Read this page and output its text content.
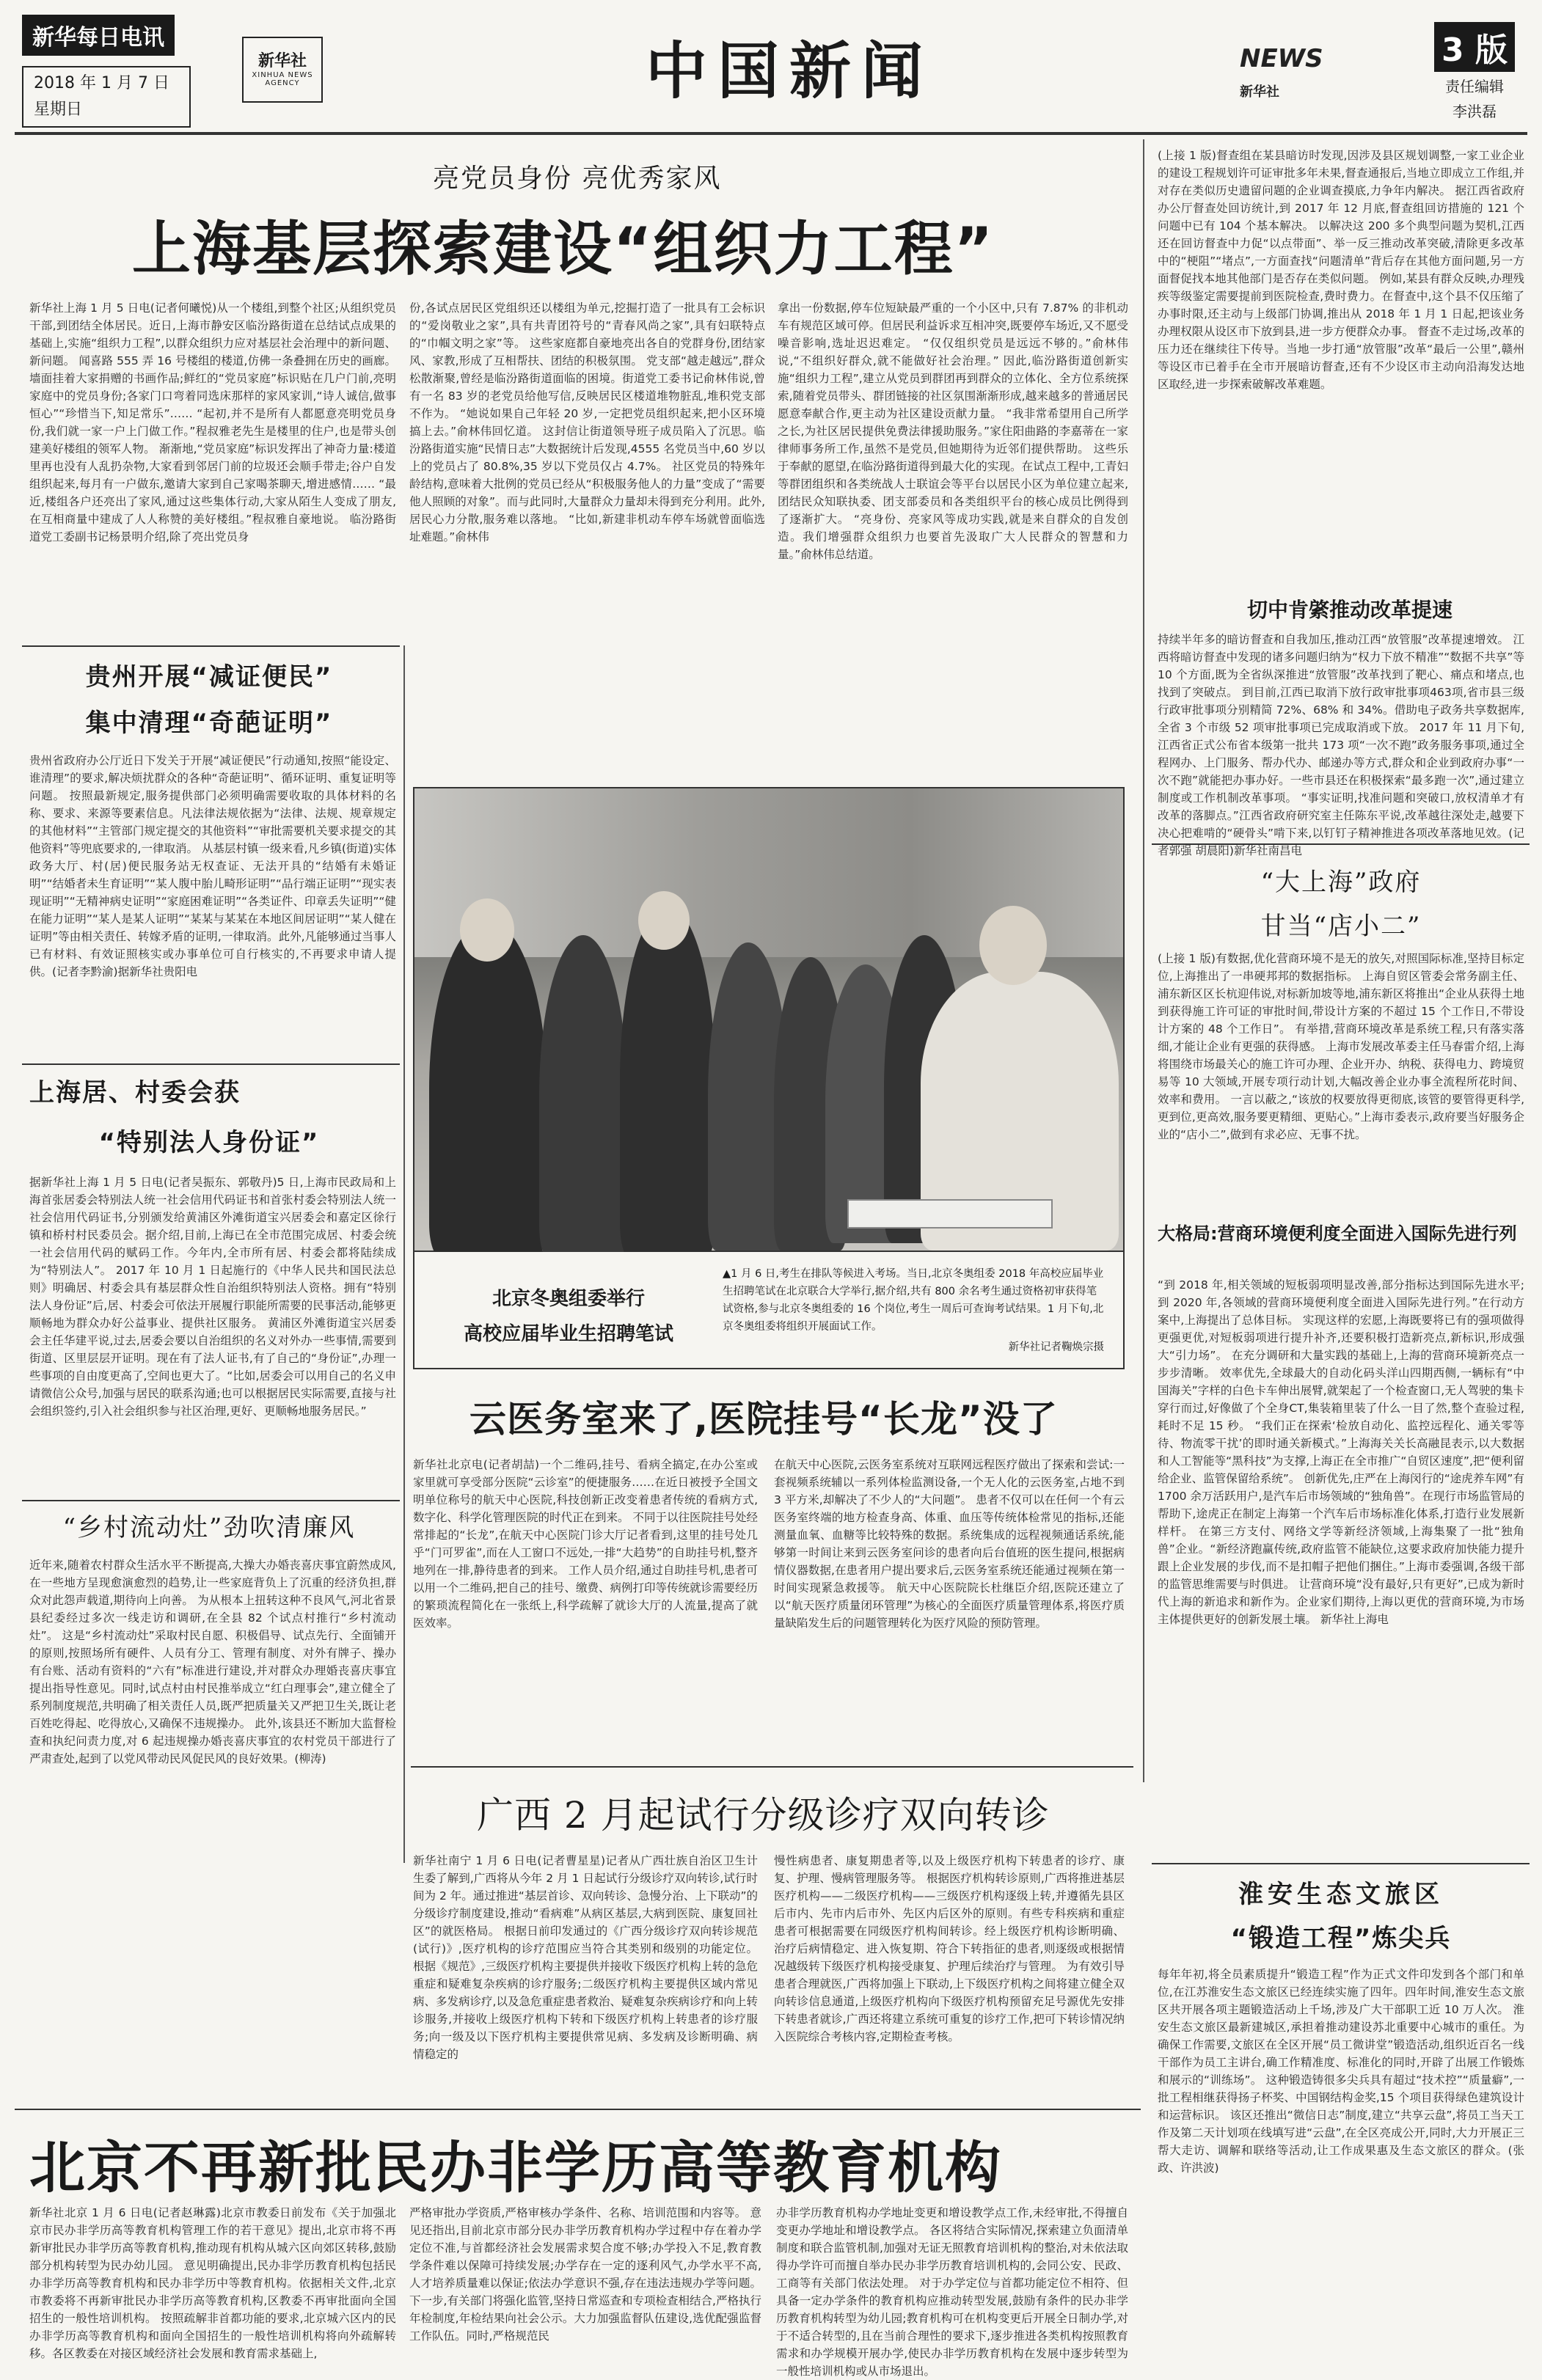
新华每日电讯
2018 年 1 月 7 日
星期日
新华社
XINHUA NEWS AGENCY	中国新闻	NEWS 新华社
3 版
责任编辑
李洪磊
亮党员身份 亮优秀家风
上海基层探索建设“组织力工程”
新华社上海 1 月 5 日电(记者何曦悦)从一个楼组,到整个社区;从组织党员干部,到团结全体居民。近日,上海市静安区临汾路街道在总结试点成果的基础上,实施“组织力工程”,以群众组织力应对基层社会治理中的新问题、新问题。 闻喜路 555 弄 16 号楼组的楼道,仿佛一条叠拥在历史的画廊。墙面挂着大家捐赠的书画作品;鲜红的“党员家庭”标识贴在几户门前,亮明家庭中的党员身份;各家门口弯着同选床那样的家风家训,“诗人诚信,做事恒心”“珍惜当下,知足常乐”…… “起初,并不是所有人都愿意亮明党员身份,我们就一家一户上门做工作。”程叔雅老先生是楼里的住户,也是带头创建美好楼组的领军人物。 渐渐地,“党员家庭”标识发挥出了神奇力量:楼道里再也没有人乱扔杂物,大家看到邻居门前的垃圾还会顺手带走;谷户自发组织起来,每月有一户做东,邀请大家到自己家喝茶聊天,增进感情…… “最近,楼组各户还亮出了家风,通过这些集体行动,大家从陌生人变成了朋友,在互相商量中建成了人人称赞的美好楼组。”程叔雅自豪地说。 临汾路街道党工委副书记杨景明介绍,除了亮出党员身
份,各试点居民区党组织还以楼组为单元,挖掘打造了一批具有工会标识的“爱岗敬业之家”,具有共青团符号的“青春风尚之家”,具有妇联特点的“巾帼文明之家”等。 这些家庭都自豪地亮出各自的党群身份,团结家风、家教,形成了互相帮扶、团结的积极氛围。 党支部“越走越远”,群众松散渐聚,曾经是临汾路街道面临的困境。街道党工委书记俞林伟说,曾有一名 83 岁的老党员给他写信,反映居民区楼道堆物脏乱,堆积党支部不作为。 “她说如果自己年轻 20 岁,一定把党员组织起来,把小区环境搞上去。”俞林伟回忆道。 这封信让街道领导班子成员陷入了沉思。临汾路街道实施“民情日志”大数据统计后发现,4555 名党员当中,60 岁以上的党员占了 80.8%,35 岁以下党员仅占 4.7%。 社区党员的特殊年龄结构,意味着大批例的党员已经从“积极服务他人的力量”变成了“需要他人照顾的对象”。而与此同时,大量群众力量却未得到充分利用。此外,居民心力分散,服务难以落地。 “比如,新建非机动车停车场就曾面临选址难题。”俞林伟
拿出一份数据,停车位短缺最严重的一个小区中,只有 7.87% 的非机动车有规范区域可停。但居民利益诉求互相冲突,既要停车场近,又不愿受噪音影响,选址迟迟难定。 “仅仅组织党员是远远不够的。”俞林伟说,“不组织好群众,就不能做好社会治理。” 因此,临汾路街道创新实施“组织力工程”,建立从党员到群团再到群众的立体化、全方位系统探索,随着党员带头、群团链接的社区氛围渐渐形成,越来越多的普通居民愿意奉献合作,更主动为社区建设贡献力量。 “我非常希望用自己所学之长,为社区居民提供免费法律援助服务。”家住阳曲路的李嘉蒂在一家律师事务所工作,虽然不是党员,但她期待为近邻们提供帮助。 这些乐于奉献的愿望,在临汾路街道得到最大化的实现。在试点工程中,工青妇等群团组织和各类统战人士联谊会等平台以居民小区为单位建立起来,团结民众知联执委、团支部委员和各类组织平台的核心成员比例得到了逐渐扩大。 “亮身份、亮家风等成功实践,就是来自群众的自发创造。我们增强群众组织力也要首先汲取广大人民群众的智慧和力量。”俞林伟总结道。
贵州开展“减证便民”
集中清理“奇葩证明”
贵州省政府办公厅近日下发关于开展“减证便民”行动通知,按照“能设定、谁清理”的要求,解决烦扰群众的各种“奇葩证明”、循环证明、重复证明等问题。 按照最新规定,服务提供部门必须明确需要收取的具体材料的名称、要求、来源等要素信息。凡法律法规依据为“法律、法规、规章规定的其他材料”“主管部门规定提交的其他资料”“审批需要机关要求提交的其他资料”等兜底要求的,一律取消。 从基层村镇一级来看,凡乡镇(街道)实体政务大厅、村(居)便民服务站无权查证、无法开具的“结婚有未婚证明”“结婚者未生育证明”“某人腹中胎儿畸形证明”“品行端正证明”“现实表现证明”“无精神病史证明”“家庭困难证明”“各类证件、印章丢失证明”“健在能力证明”“某人是某人证明”“某某与某某在本地区间居证明”“某人健在证明”等由相关责任、转嫁矛盾的证明,一律取消。此外,凡能够通过当事人已有材料、有效证照核实或办事单位可自行核实的,不再要求申请人提供。(记者李黔渝)据新华社贵阳电
上海居、村委会获
“特别法人身份证”
据新华社上海 1 月 5 日电(记者吴振东、郭敬丹)5 日,上海市民政局和上海首张居委会特别法人统一社会信用代码证书和首张村委会特别法人统一社会信用代码证书,分别颁发给黄浦区外滩街道宝兴居委会和嘉定区徐行镇和桥村村民委员会。据介绍,目前,上海已在全市范围完成居、村委会统一社会信用代码的赋码工作。今年内,全市所有居、村委会都将陆续成为“特别法人”。 2017 年 10 月 1 日起施行的《中华人民共和国民法总则》明确居、村委会具有基层群众性自治组织特别法人资格。拥有“特别法人身份证”后,居、村委会可依法开展履行职能所需要的民事活动,能够更顺畅地为群众办好公益事业、提供社区服务。 黄浦区外滩街道宝兴居委会主任华建平说,过去,居委会要以自治组织的名义对外办一些事情,需要到街道、区里层层开证明。现在有了法人证书,有了自己的“身份证”,办理一些事项的自由度更高了,空间也更大了。“比如,居委会可以用自己的名义申请微信公众号,加强与居民的联系沟通;也可以根据居民实际需要,直接与社会组织签约,引入社会组织参与社区治理,更好、更顺畅地服务居民。”
“乡村流动灶”劲吹清廉风
近年来,随着农村群众生活水平不断提高,大操大办婚丧喜庆事宜蔚然成风,在一些地方呈现愈演愈烈的趋势,让一些家庭背负上了沉重的经济负担,群众对此怨声载道,期待向上向善。 为从根本上扭转这种不良风气,河北省景县纪委经过多次一线走访和调研,在全县 82 个试点村推行“乡村流动灶”。 这是“乡村流动灶”采取村民自愿、积极倡导、试点先行、全面铺开的原则,按照场所有硬件、人员有分工、管理有制度、对外有牌子、操办有台账、活动有资料的“六有”标准进行建设,并对群众办理婚丧喜庆事宜提出指导性意见。同时,试点村由村民推举成立“红白理事会”,建立健全了系列制度规范,共明确了相关责任人员,既严把质量关又严把卫生关,既让老百姓吃得起、吃得放心,又确保不违规操办。 此外,该县还不断加大监督检查和执纪问责力度,对 6 起违规操办婚丧喜庆事宜的农村党员干部进行了严肃查处,起到了以党风带动民风促民风的良好效果。(柳涛)
北京冬奥组委举行
高校应届毕业生招聘笔试
▲1 月 6 日,考生在排队等候进入考场。当日,北京冬奥组委 2018 年高校应届毕业生招聘笔试在北京联合大学举行,据介绍,共有 800 余名考生通过资格初审获得笔试资格,参与北京冬奥组委的 16 个岗位,考生一周后可查询考试结果。1 月下旬,北京冬奥组委将组织开展面试工作。
新华社记者鞠焕宗摄
云医务室来了,医院挂号“长龙”没了
新华社北京电(记者胡喆)一个二维码,挂号、看病全搞定,在办公室或家里就可享受部分医院“云诊室”的便捷服务……在近日被授予全国文明单位称号的航天中心医院,科技创新正改变着患者传统的看病方式,数字化、科学化管理医院的时代正在到来。 不同于以往医院挂号处经常排起的“长龙”,在航天中心医院门诊大厅记者看到,这里的挂号处几乎“门可罗雀”,而在人工窗口不远处,一排“大趋势”的自助挂号机,整齐地列在一排,静待患者的到来。 工作人员介绍,通过自助挂号机,患者可以用一个二维码,把自己的挂号、缴费、病例打印等传统就诊需要经历的繁琐流程简化在一张纸上,科学疏解了就诊大厅的人流量,提高了就医效率。
在航天中心医院,云医务室系统对互联网远程医疗做出了探索和尝试:一套视频系统辅以一系列体检监测设备,一个无人化的云医务室,占地不到 3 平方米,却解决了不少人的“大问题”。 患者不仅可以在任何一个有云医务室终端的地方检查身高、体重、血压等传统体检常见的指标,还能测量血氧、血糖等比较特殊的数据。系统集成的远程视频通话系统,能够第一时间让来到云医务室问诊的患者向后台值班的医生提问,根据病情仪器数据,在患者用户提出要求后,云医务室系统还能通过视频在第一时间实现紧急救援等。 航天中心医院院长杜继臣介绍,医院还建立了以“航天医疗质量闭环管理”为核心的全面医疗质量管理体系,将医疗质量缺陷发生后的问题管理转化为医疗风险的预防管理。
广西 2 月起试行分级诊疗双向转诊
新华社南宁 1 月 6 日电(记者曹星星)记者从广西壮族自治区卫生计生委了解到,广西将从今年 2 月 1 日起试行分级诊疗双向转诊,试行时间为 2 年。通过推进“基层首诊、双向转诊、急慢分治、上下联动”的分级诊疗制度建设,推动“看病难”从病区基层,大病到医院、康复回社区”的就医格局。 根据日前印发通过的《广西分级诊疗双向转诊规范(试行)》,医疗机构的诊疗范围应当符合其类别和级别的功能定位。 根据《规范》,三级医疗机构主要提供并接收下级医疗机构上转的急危重症和疑难复杂疾病的诊疗服务;二级医疗机构主要提供区域内常见病、多发病诊疗,以及急危重症患者救治、疑难复杂疾病诊疗和向上转诊服务,并接收上级医疗机构下转和下级医疗机构上转患者的诊疗服务;向一级及以下医疗机构主要提供常见病、多发病及诊断明确、病情稳定的
慢性病患者、康复期患者等,以及上级医疗机构下转患者的诊疗、康复、护理、慢病管理服务等。 根据医疗机构转诊原则,广西将推进基层医疗机构——二级医疗机构——三级医疗机构逐级上转,并遵循先县区后市内、先市内后市外、先区内后区外的原则。有些专科疾病和重症患者可根据需要在同级医疗机构间转诊。经上级医疗机构诊断明确、治疗后病情稳定、进入恢复期、符合下转指征的患者,则逐级或根据情况越级转下级医疗机构接受康复、护理后续治疗与管理。 为有效引导患者合理就医,广西将加强上下联动,上下级医疗机构之间将建立健全双向转诊信息通道,上级医疗机构向下级医疗机构预留充足号源优先安排下转患者就诊,广西还将建立系统可重复的诊疗工作,把可下转诊情况纳入医院综合考核内容,定期检查考核。
北京不再新批民办非学历高等教育机构
新华社北京 1 月 6 日电(记者赵琳露)北京市教委日前发布《关于加强北京市民办非学历高等教育机构管理工作的若干意见》提出,北京市将不再新审批民办非学历高等教育机构,推动现有机构从城六区向郊区转移,鼓励部分机构转型为民办幼儿园。 意见明确提出,民办非学历教育机构包括民办非学历高等教育机构和民办非学历中等教育机构。依据相关文件,北京市教委将不再新审批民办非学历高等教育机构,区教委不再审批面向全国招生的一般性培训机构。 按照疏解非首都功能的要求,北京城六区内的民办非学历高等教育机构和面向全国招生的一般性培训机构将向外疏解转移。各区教委在对接区域经济社会发展和教育需求基础上,
严格审批办学资质,严格审核办学条件、名称、培训范围和内容等。 意见还指出,目前北京市部分民办非学历教育机构办学过程中存在着办学定位不准,与首都经济社会发展需求契合度不够;办学投入不足,教育教学条件难以保障可持续发展;办学存在一定的逐利风气,办学水平不高,人才培养质量难以保证;依法办学意识不强,存在违法违规办学等问题。 下一步,有关部门将强化监管,坚持日常巡查和专项检查相结合,严格执行年检制度,年检结果向社会公示。大力加强监督队伍建设,选优配强监督工作队伍。同时,严格规范民
办非学历教育机构办学地址变更和增设教学点工作,未经审批,不得擅自变更办学地址和增设教学点。 各区将结合实际情况,探索建立负面清单制度和联合监管机制,加强对无证无照教育培训机构的整治,对未依法取得办学许可而擅自举办民办非学历教育培训机构的,会同公安、民政、工商等有关部门依法处理。 对于办学定位与首都功能定位不相符、但具备一定办学条件的教育机构应推动转型发展,鼓励有条件的民办非学历教育机构转型为幼儿园;教育机构可在机构变更后开展全日制办学,对于不适合转型的,且在当前合理性的要求下,逐步推进各类机构按照教育需求和办学规模开展办学,使民办非学历教育机构在发展中逐步转型为一般性培训机构或从市场退出。
(上接 1 版)督查组在某县暗访时发现,因涉及县区规划调整,一家工业企业的建设工程规划许可证审批多年未果,督查通报后,当地立即成立工作组,并对存在类似历史遗留问题的企业调查摸底,力争年内解决。 据江西省政府办公厅督查处回访统计,到 2017 年 12 月底,督查组回访措施的 121 个问题中已有 104 个基本解决。 以解决这 200 多个典型问题为契机,江西还在回访督查中力促“以点带面”、举一反三推动改革突破,清除更多改革中的“梗阻”“堵点”,一方面查找“问题清单”背后存在其他方面问题,另一方面督促找本地其他部门是否存在类似问题。 例如,某县有群众反映,办理残疾等级鉴定需要提前到医院检查,费时费力。在督查中,这个县不仅压缩了办事时限,还主动与上级部门协调,推出从 2018 年 1 月 1 日起,把该业务办理权限从设区市下放到县,进一步方便群众办事。 督查不走过场,改革的压力还在继续往下传导。当地一步打通“放管服”改革“最后一公里”,赣州等设区市已着手在全市开展暗访督查,还有不少设区市主动向沿海发达地区取经,进一步探索破解改革难题。
切中肯綮推动改革提速
持续半年多的暗访督查和自我加压,推动江西“放管服”改革提速增效。 江西将暗访督查中发现的诸多问题归纳为“权力下放不精准”“数据不共享”等 10 个方面,既为全省纵深推进“放管服”改革找到了靶心、痛点和堵点,也找到了突破点。 到目前,江西已取消下放行政审批事项463项,省市县三级行政审批事项分别精简 72%、68% 和 34%。借助电子政务共享数据库,全省 3 个市级 52 项审批事项已完成取消或下放。 2017 年 11 月下旬,江西省正式公布省本级第一批共 173 项“一次不跑”政务服务事项,通过全程网办、上门服务、帮办代办、邮递办等方式,群众和企业到政府办事“一次不跑”就能把办事办好。一些市县还在积极探索“最多跑一次”,通过建立制度或工作机制改革事项。 “事实证明,找准问题和突破口,放权清单才有改革的落脚点。”江西省政府研究室主任陈东平说,改革越往深处走,越要下决心把难啃的“硬骨头”啃下来,以钉钉子精神推进各项改革落地见效。(记者郭强 胡晨阳)新华社南昌电
“大上海”政府
甘当“店小二”
(上接 1 版)有数据,优化营商环境不是无的放矢,对照国际标准,坚持目标定位,上海推出了一串硬邦邦的数据指标。 上海自贸区管委会常务副主任、浦东新区区长杭迎伟说,对标新加坡等地,浦东新区将推出“企业从获得土地到获得施工许可证的审批时间,带设计方案的不超过 15 个工作日,不带设计方案的 48 个工作日”。 有举措,营商环境改革是系统工程,只有落实落细,才能让企业有更强的获得感。 上海市发展改革委主任马春雷介绍,上海将围绕市场最关心的施工许可办理、企业开办、纳税、获得电力、跨境贸易等 10 大领域,开展专项行动计划,大幅改善企业办事全流程所花时间、效率和费用。 一言以蔽之,“该放的权要放得更彻底,该管的要管得更科学,更到位,更高效,服务要更精细、更贴心。”上海市委表示,政府要当好服务企业的“店小二”,做到有求必应、无事不扰。
大格局:营商环境便利度全面进入国际先进行列
“到 2018 年,相关领域的短板弱项明显改善,部分指标达到国际先进水平;到 2020 年,各领域的营商环境便利度全面进入国际先进行列。”在行动方案中,上海提出了总体目标。 实现这样的宏愿,上海既要将已有的强项做得更强更优,对短板弱项进行提升补齐,还要积极打造新亮点,新标识,形成强大“引力场”。 在充分调研和大量实践的基础上,上海的营商环境新亮点一步步清晰。 效率优先,全球最大的自动化码头洋山四期西侧,一辆标有“中国海关”字样的白色卡车伸出展臂,就架起了一个检查窗口,无人驾驶的集卡穿行而过,好像做了个全身CT,集装箱里装了什么一目了然,整个查验过程,耗时不足 15 秒。 “我们正在探索‘检放自动化、监控远程化、通关零等待、物流零干扰’的即时通关新模式。”上海海关关长高融昆表示,以大数据和人工智能等“黑科技”为支撑,上海正在全市推广“自贸区速度”,把“便利留给企业、监管保留给系统”。 创新优先,庄严在上海闵行的“途虎养车网”有 1700 余万活跃用户,是汽车后市场领域的“独角兽”。在现行市场监管局的帮助下,途虎正在制定上海第一个汽车后市场标准化体系,打造行业发展新样杆。 在第三方支付、网络文学等新经济领域,上海集聚了一批“独角兽”企业。“新经济跑赢传统,政府监管不能缺位,这要求政府加快能力提升跟上企业发展的步伐,而不是扣帽子把他们捆住。”上海市委强调,各级干部的监管思维需要与时俱进。 让营商环境“没有最好,只有更好”,已成为新时代上海的新追求和新作为。企业家们期待,上海以更优的营商环境,为市场主体提供更好的创新发展土壤。 新华社上海电
淮安生态文旅区
“锻造工程”炼尖兵
每年年初,将全员素质提升“锻造工程”作为正式文件印发到各个部门和单位,在江苏淮安生态文旅区已经连续实施了四年。四年时间,淮安生态文旅区共开展各项主题锻造活动上千场,涉及广大干部职工近 10 万人次。 淮安生态文旅区最新建城区,承担着推动建设苏北重要中心城市的重任。为确保工作需要,文旅区在全区开展“员工微讲堂”锻造活动,组织近百名一线干部作为员工主讲台,确工作精准度、标准化的同时,开辟了出展工作锻炼和展示的“训练场”。 这种锻造铸很多尖兵具有超过“技术控”“质量癖”,一批工程相继获得扬子杯奖、中国钢结构金奖,15 个项目获得绿色建筑设计和运营标识。 该区还推出“微信日志”制度,建立“共享云盘”,将员工当天工作及第二天计划项在线填写进“云盘”,在全区亮成公开,同时,大力开展正三帮大走访、调解和联络等活动,让工作成果惠及生态文旅区的群众。(张政、许洪波)
